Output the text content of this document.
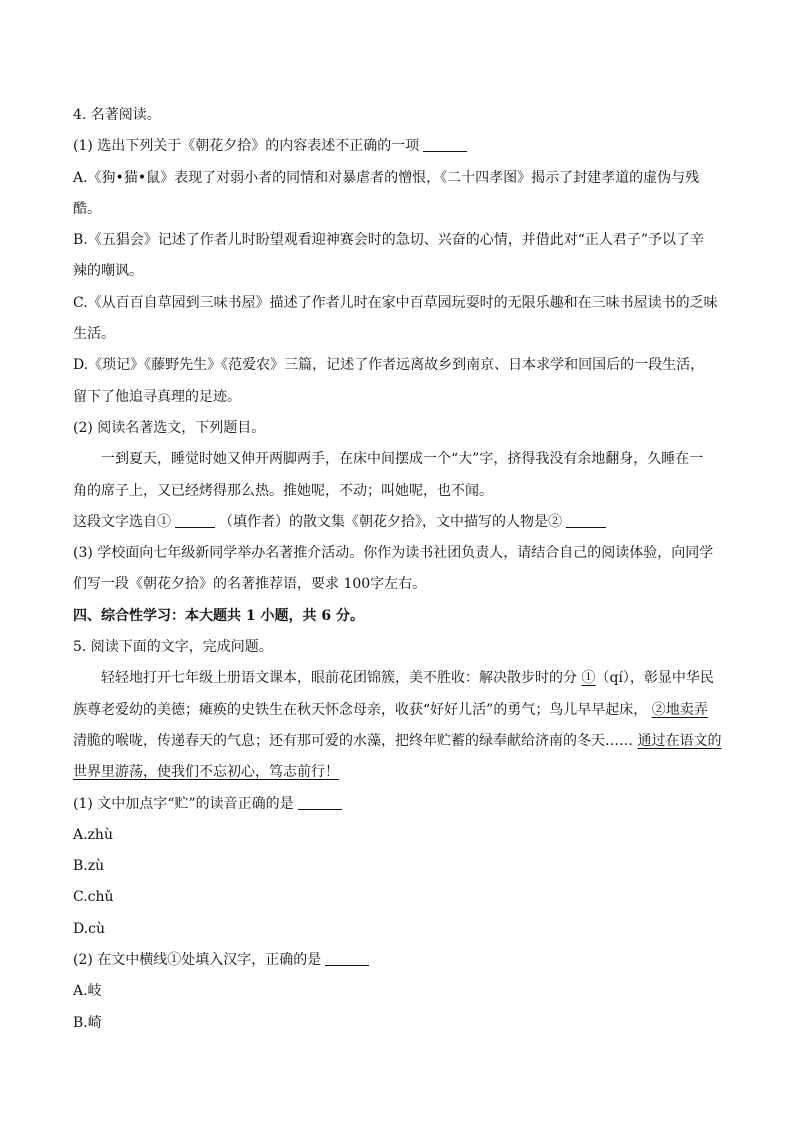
4. 名著阅读。
(1) 选出下列关于《朝花夕拾》的内容表述不正确的一项
A.《狗•猫•鼠》表现了对弱小者的同情和对暴虐者的憎恨，《二十四孝图》揭示了封建孝道的虚伪与残
酷。
B.《五猖会》记述了作者儿时盼望观看迎神赛会时的急切、兴奋的心情，并借此对“正人君子”予以了辛
辣的嘲讽。
C.《从百百自草园到三味书屋》描述了作者儿时在家中百草园玩耍时的无限乐趣和在三味书屋读书的乏味
生活。
D.《琐记》《藤野先生》《范爱农》三篇，记述了作者远离故乡到南京、日本求学和回国后的一段生活，
留下了他追寻真理的足迹。
(2) 阅读名著选文，下列题目。
一到夏天，睡觉时她又伸开两脚两手，在床中间摆成一个“大”字，挤得我没有余地翻身，久睡在一
角的席子上，又已经烤得那么热。推她呢，不动；叫她呢，也不闻。
这段文字选自①	（填作者）的散文集《朝花夕拾》，文中描写的人物是②
(3) 学校面向七年级新同学举办名著推介活动。你作为读书社团负责人，请结合自己的阅读体验，向同学
们写一段《朝花夕拾》的名著推荐语，要求 100字左右。
四、综合性学习：本大题共 1 小题，共 6 分。
5. 阅读下面的文字，完成问题。
轻轻地打开七年级上册语文课本，眼前花团锦簇，美不胜收：解决散步时的分 ①（qí），彰显中华民
族尊老爱幼的美德；瘫痪的史铁生在秋天怀念母亲，收获“好好儿活”的勇气；鸟儿早早起床， ②地卖弄
清脆的喉咙，传递春天的气息；还有那可爱的水藻，把终年贮蓄的绿奉献给济南的冬天…… 通过在语文的
世界里游荡，使我们不忘初心，笃志前行！
(1) 文中加点字“贮”的读音正确的是
A.zhù
B.zù
C.chǔ
D.cù
(2) 在文中横线①处填入汉字，正确的是
A.岐
B.崎
